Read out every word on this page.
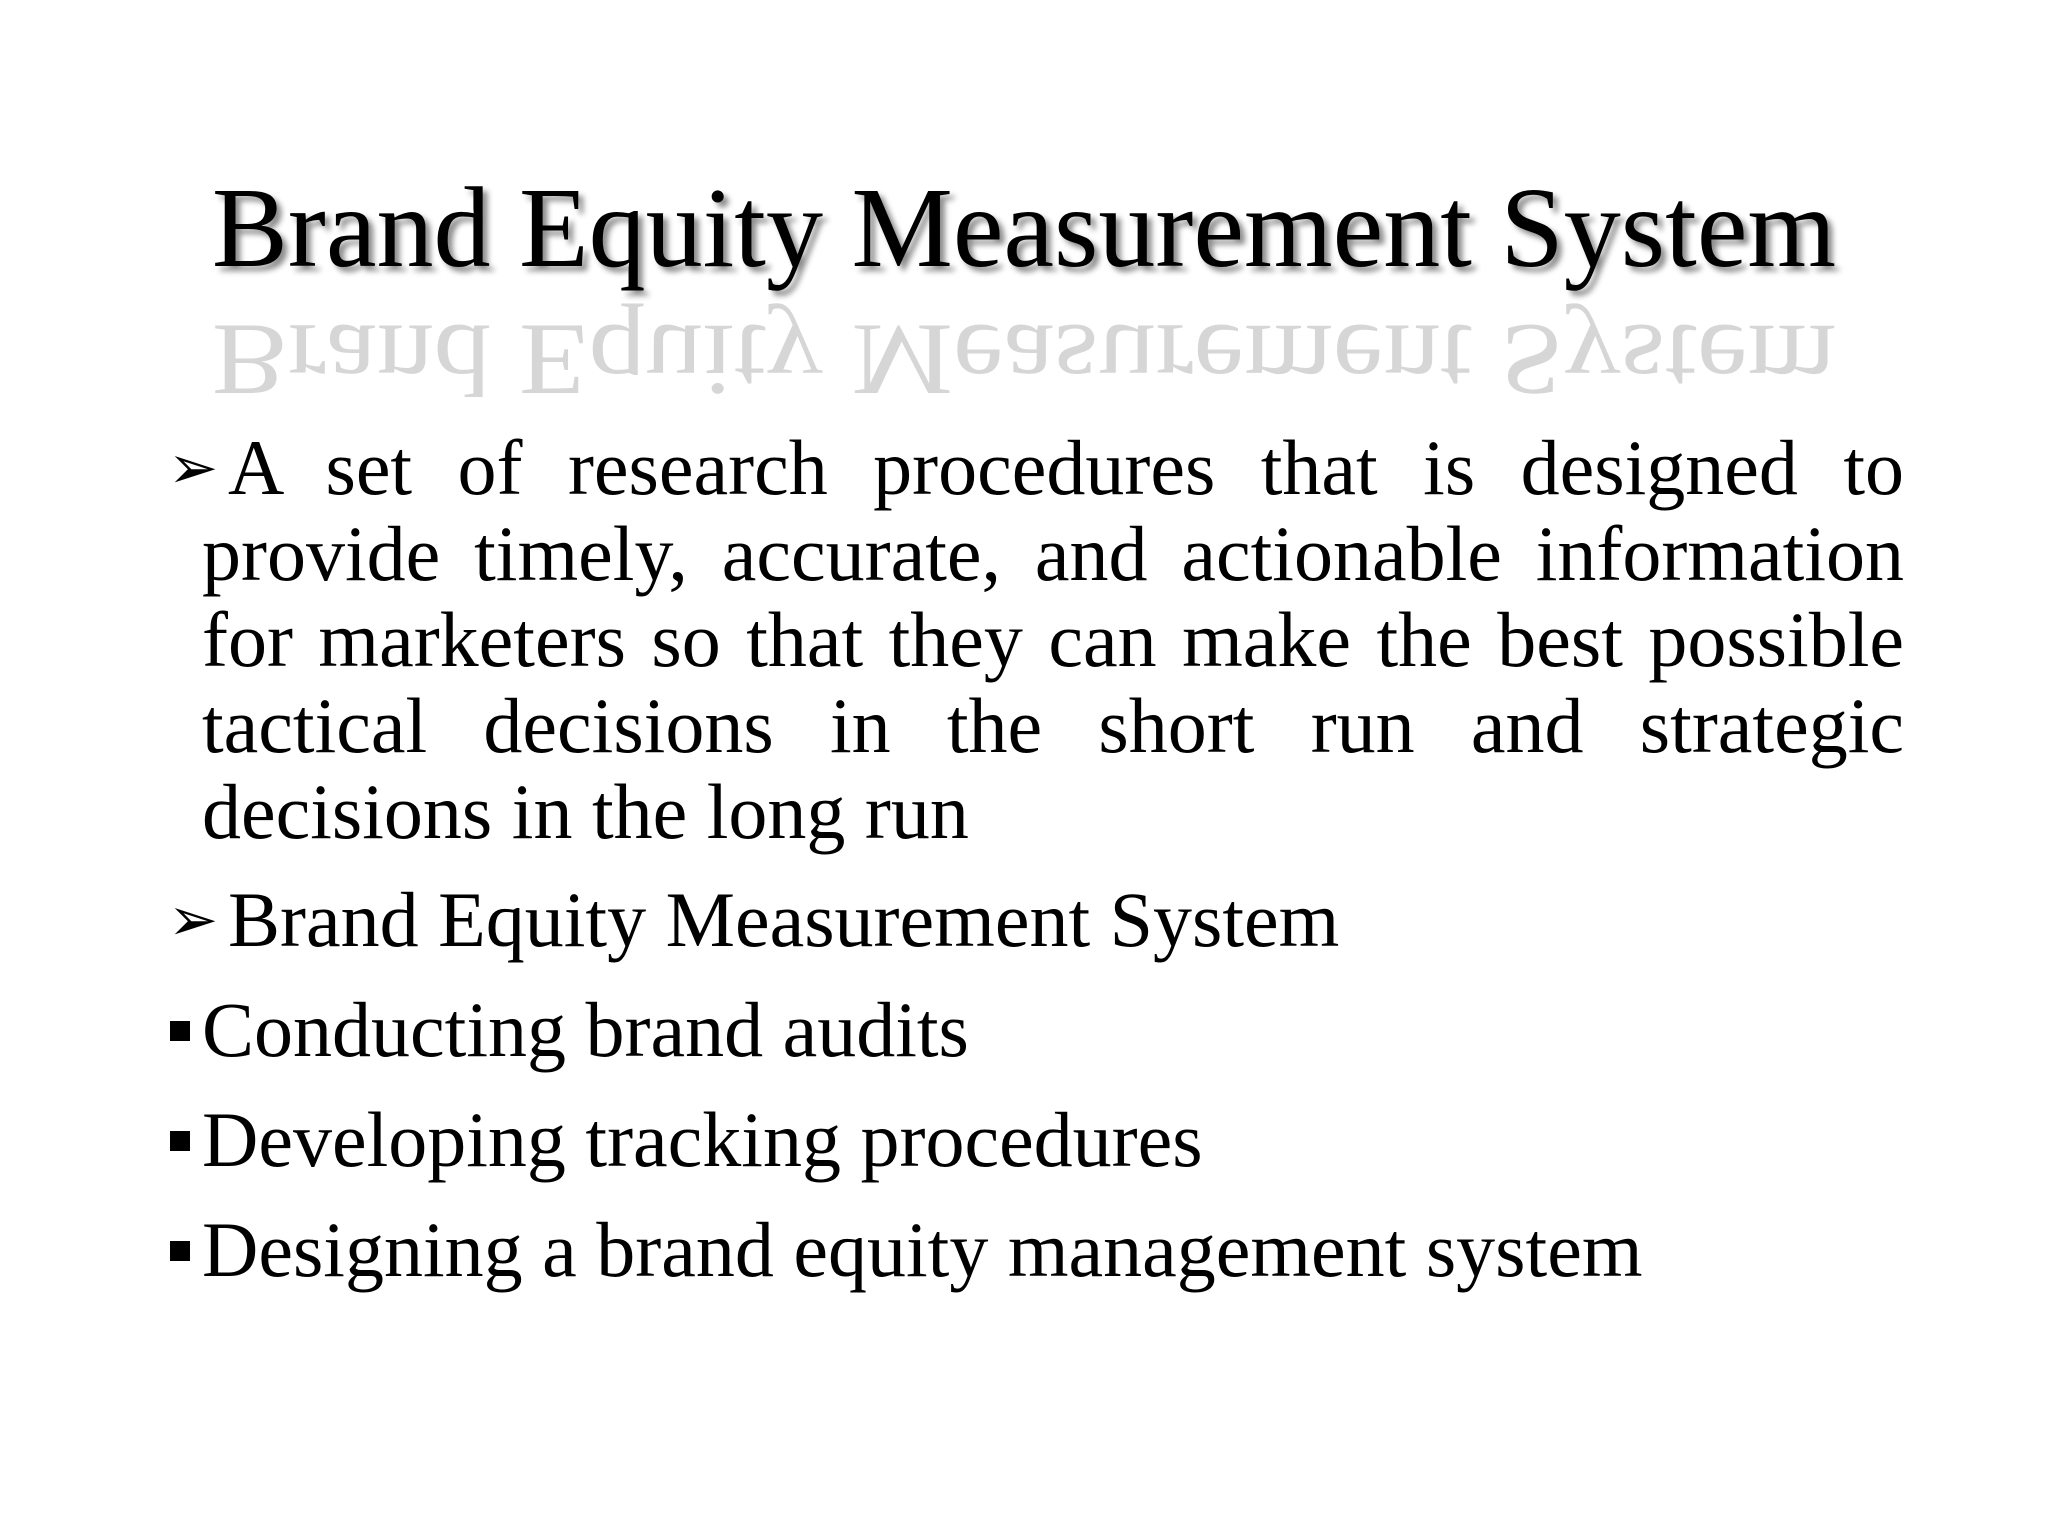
Brand Equity Measurement System
Brand Equity Measurement System
➢ A set of research procedures that is designed to provide timely, accurate, and actionable information for marketers so that they can make the best possible tactical decisions in the short run and strategic decisions in the long run
➢ Brand Equity Measurement System
Conducting brand audits
Developing tracking procedures
Designing a brand equity management system
